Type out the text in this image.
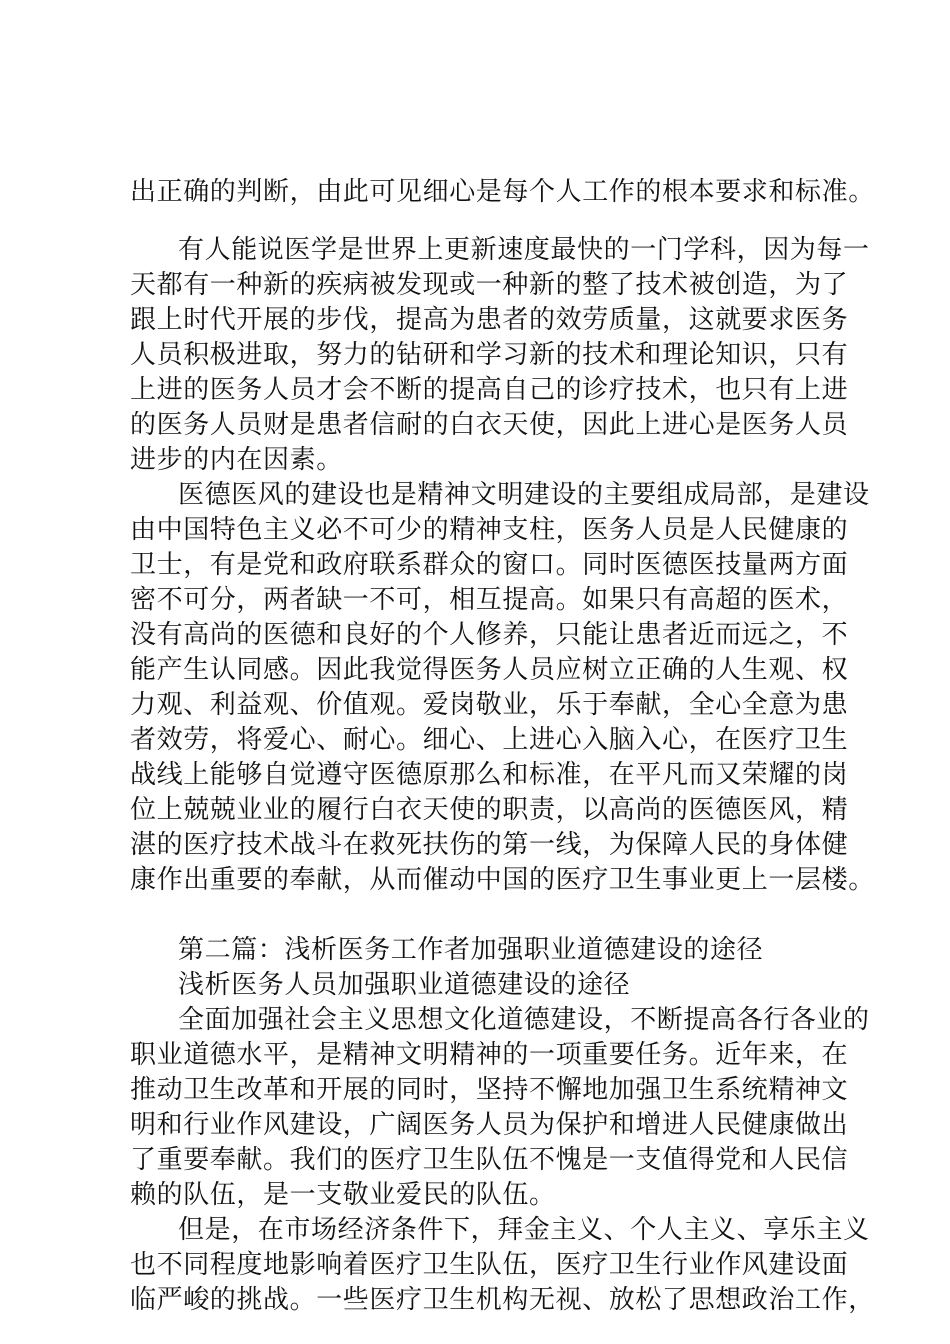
出正确的判断，由此可见细心是每个人工作的根本要求和标准。
有人能说医学是世界上更新速度最快的一门学科，因为每一
天都有一种新的疾病被发现或一种新的整了技术被创造，为了
跟上时代开展的步伐，提高为患者的效劳质量，这就要求医务
人员积极进取，努力的钻研和学习新的技术和理论知识，只有
上进的医务人员才会不断的提高自己的诊疗技术，也只有上进
的医务人员财是患者信耐的白衣天使，因此上进心是医务人员
进步的内在因素。
医德医风的建设也是精神文明建设的主要组成局部，是建设
由中国特色主义必不可少的精神支柱，医务人员是人民健康的
卫士，有是党和政府联系群众的窗口。同时医德医技量两方面
密不可分，两者缺一不可，相互提高。如果只有高超的医术，
没有高尚的医德和良好的个人修养，只能让患者近而远之，不
能产生认同感。因此我觉得医务人员应树立正确的人生观、权
力观、利益观、价值观。爱岗敬业，乐于奉献，全心全意为患
者效劳，将爱心、耐心。细心、上进心入脑入心，在医疗卫生
战线上能够自觉遵守医德原那么和标准，在平凡而又荣耀的岗
位上兢兢业业的履行白衣天使的职责，以高尚的医德医风，精
湛的医疗技术战斗在救死扶伤的第一线，为保障人民的身体健
康作出重要的奉献，从而催动中国的医疗卫生事业更上一层楼。
第二篇：浅析医务工作者加强职业道德建设的途径
浅析医务人员加强职业道德建设的途径
全面加强社会主义思想文化道德建设，不断提高各行各业的
职业道德水平，是精神文明精神的一项重要任务。近年来，在
推动卫生改革和开展的同时，坚持不懈地加强卫生系统精神文
明和行业作风建设，广阔医务人员为保护和增进人民健康做出
了重要奉献。我们的医疗卫生队伍不愧是一支值得党和人民信
赖的队伍，是一支敬业爱民的队伍。
但是，在市场经济条件下，拜金主义、个人主义、享乐主义
也不同程度地影响着医疗卫生队伍，医疗卫生行业作风建设面
临严峻的挑战。一些医疗卫生机构无视、放松了思想政治工作，
